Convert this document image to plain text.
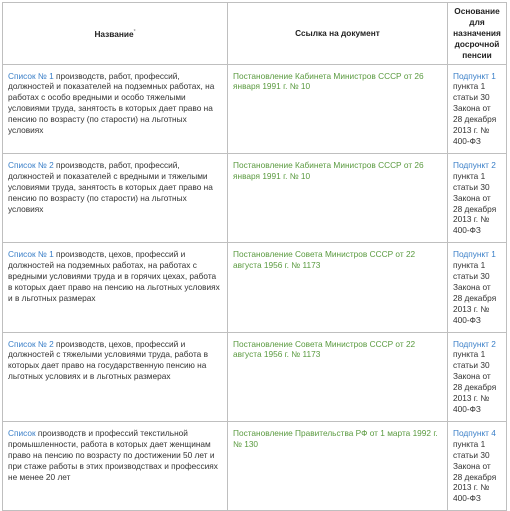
Название*	Ссылка на документ	Основание для назначения досрочной пенсии
Список № 1 производств, работ, профессий, должностей и показателей на подземных работах, на работах с особо вредными и особо тяжелыми условиями труда, занятость в которых дает право на пенсию по возрасту (по старости) на льготных условиях	Постановление Кабинета Министров СССР от 26 января 1991 г. № 10	Подпункт 1 пункта 1 статьи 30 Закона от 28 декабря 2013 г. № 400-ФЗ
Список № 2 производств, работ, профессий, должностей и показателей с вредными и тяжелыми условиями труда, занятость в которых дает право на пенсию по возрасту (по старости) на льготных условиях	Постановление Кабинета Министров СССР от 26 января 1991 г. № 10	Подпункт 2 пункта 1 статьи 30 Закона от 28 декабря 2013 г. № 400-ФЗ
Список № 1 производств, цехов, профессий и должностей на подземных работах, на работах с вредными условиями труда и в горячих цехах, работа в которых дает право на пенсию на льготных условиях и в льготных размерах	Постановление Совета Министров СССР от 22 августа 1956 г. № 1173	Подпункт 1 пункта 1 статьи 30 Закона от 28 декабря 2013 г. № 400-ФЗ
Список № 2 производств, цехов, профессий и должностей с тяжелыми условиями труда, работа в которых дает право на государственную пенсию на льготных условиях и в льготных размерах	Постановление Совета Министров СССР от 22 августа 1956 г. № 1173	Подпункт 2 пункта 1 статьи 30 Закона от 28 декабря 2013 г. № 400-ФЗ
Список производств и профессий текстильной промышленности, работа в которых дает женщинам право на пенсию по возрасту по достижении 50 лет и при стаже работы в этих производствах и профессиях не менее 20 лет	Постановление Правительства РФ от 1 марта 1992 г. № 130	Подпункт 4 пункта 1 статьи 30 Закона от 28 декабря 2013 г. № 400-ФЗ
